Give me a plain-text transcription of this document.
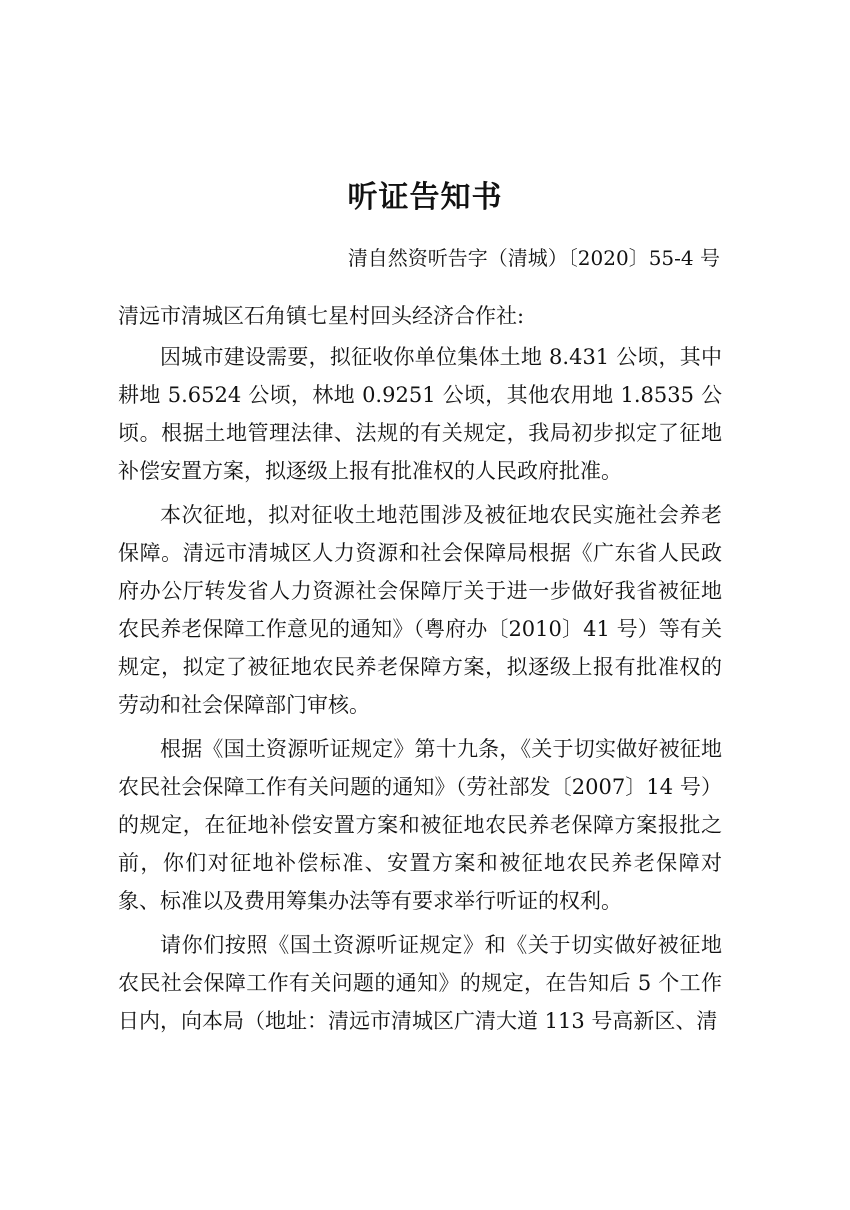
听证告知书
清自然资听告字（清城）〔2020〕55-4 号
清远市清城区石角镇七星村回头经济合作社:

因城市建设需要，拟征收你单位集体土地 8.431 公顷，其中耕地 5.6524 公顷，林地 0.9251 公顷，其他农用地 1.8535 公顷。根据土地管理法律、法规的有关规定，我局初步拟定了征地补偿安置方案，拟逐级上报有批准权的人民政府批准。

本次征地，拟对征收土地范围涉及被征地农民实施社会养老保障。清远市清城区人力资源和社会保障局根据《广东省人民政府办公厅转发省人力资源社会保障厅关于进一步做好我省被征地农民养老保障工作意见的通知》（粤府办〔2010〕41 号）等有关规定，拟定了被征地农民养老保障方案，拟逐级上报有批准权的劳动和社会保障部门审核。

根据《国土资源听证规定》第十九条，《关于切实做好被征地农民社会保障工作有关问题的通知》（劳社部发〔2007〕14 号）的规定，在征地补偿安置方案和被征地农民养老保障方案报批之前，你们对征地补偿标准、安置方案和被征地农民养老保障对象、标准以及费用筹集办法等有要求举行听证的权利。

请你们按照《国土资源听证规定》和《关于切实做好被征地农民社会保障工作有关问题的通知》的规定，在告知后 5 个工作日内，向本局（地址：清远市清城区广清大道 113 号高新区、清
